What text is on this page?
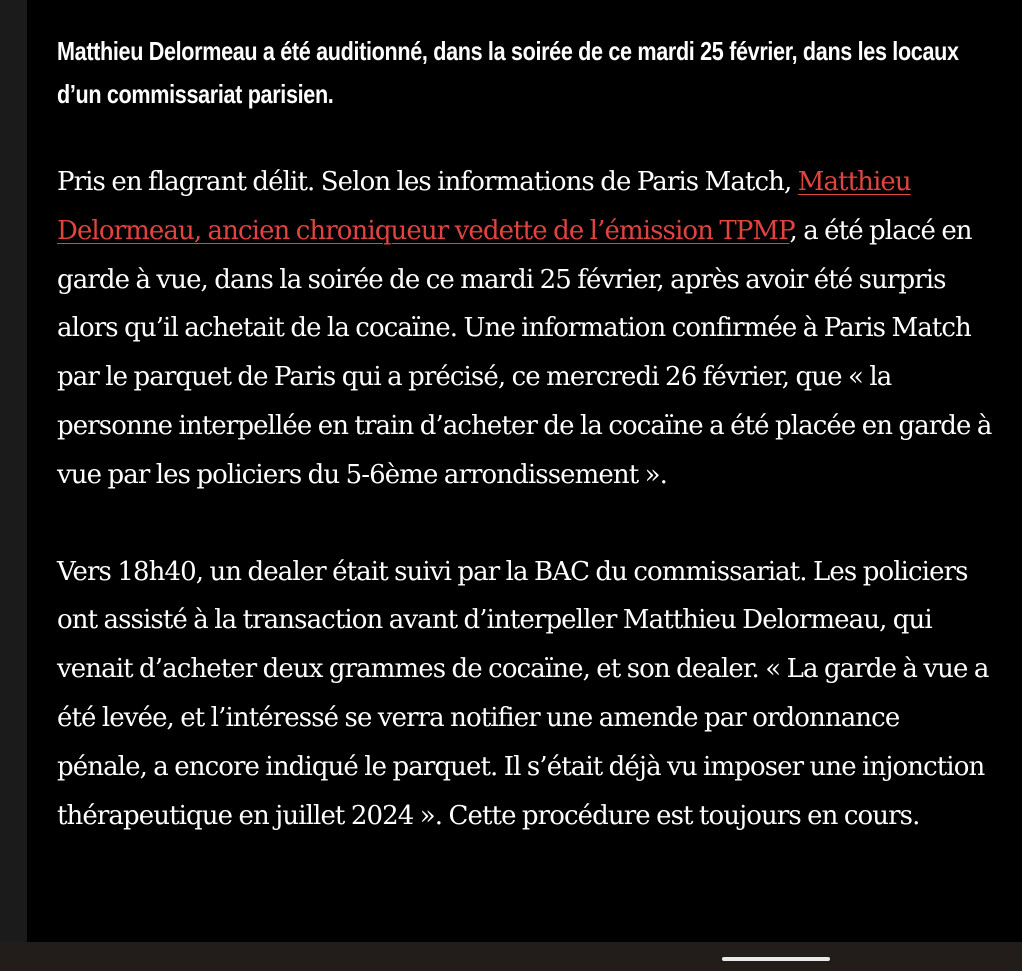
Matthieu Delormeau a été auditionné, dans la soirée de ce mardi 25 février, dans les locaux d’un commissariat parisien.

Pris en flagrant délit. Selon les informations de Paris Match, Matthieu Delormeau, ancien chroniqueur vedette de l’émission TPMP, a été placé en garde à vue, dans la soirée de ce mardi 25 février, après avoir été surpris alors qu’il achetait de la cocaïne. Une information confirmée à Paris Match par le parquet de Paris qui a précisé, ce mercredi 26 février, que « la personne interpellée en train d’acheter de la cocaïne a été placée en garde à vue par les policiers du 5-6ème arrondissement ».

Vers 18h40, un dealer était suivi par la BAC du commissariat. Les policiers ont assisté à la transaction avant d’interpeller Matthieu Delormeau, qui venait d’acheter deux grammes de cocaïne, et son dealer. « La garde à vue a été levée, et l’intéressé se verra notifier une amende par ordonnance pénale, a encore indiqué le parquet. Il s’était déjà vu imposer une injonction thérapeutique en juillet 2024 ». Cette procédure est toujours en cours.
